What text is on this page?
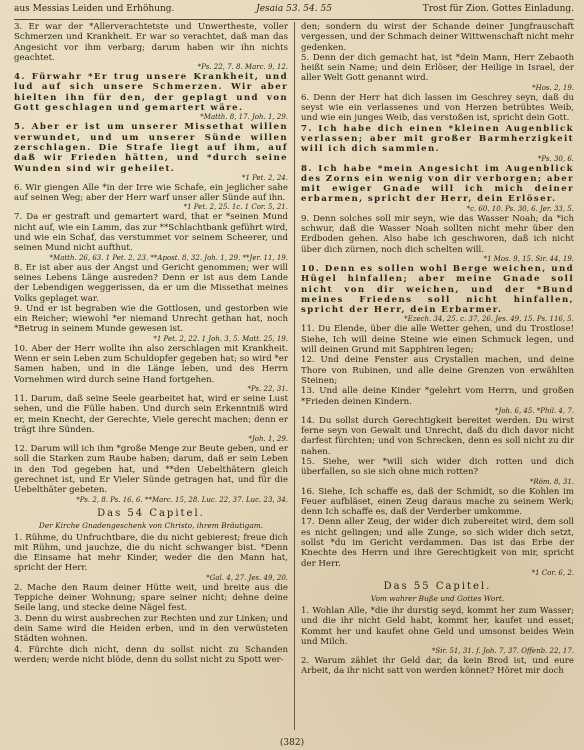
aus Messias Leiden und Erhöhung.	Jesaia 53. 54. 55	Trost für Zion. Gottes Einladung.

3. Er war der *Allerverachtetste und Unwertheste, voller Schmerzen und Krankheit. Er war so verachtet, daß man das Angesicht vor ihm verbarg; darum haben wir ihn nichts geachtet.

*Ps. 22, 7. 8. Marc. 9, 12.

4. Fürwahr *Er trug unsere Krankheit, und lud auf sich unsere Schmerzen. Wir aber hielten ihn für den, der geplagt und von Gott geschlagen und gemartert wäre.

*Matth. 8, 17. Joh. 1, 29.

5. Aber er ist um unserer Missethat willen verwundet, und um unserer Sünde willen zerschlagen. Die Strafe liegt auf ihm, auf daß wir Frieden hätten, und *durch seine Wunden sind wir geheilet.

*1 Pet. 2, 24.

6. Wir giengen Alle *in der Irre wie Schafe, ein jeglicher sahe auf seinen Weg; aber der Herr warf unser aller Sünde auf ihn.

*1 Pet. 2, 25. 1c. 1 Cor. 5, 21.

7. Da er gestraft und gemartert ward, that er *seinen Mund nicht auf, wie ein Lamm, das zur **Schlachtbank geführt wird, und wie ein Schaf, das verstummet vor seinem Scheerer, und seinen Mund nicht aufthut.

*Matth. 26, 63. 1 Pet. 2, 23. **Apost. 8, 32. Joh. 1, 29. **Jer. 11, 19.

8. Er ist aber aus der Angst und Gericht genommen; wer will seines Lebens Länge ausreden? Denn er ist aus dem Lande der Lebendigen weggerissen, da er um die Missethat meines Volks geplaget war.

9. Und er ist begraben wie die Gottlosen, und gestorben wie ein Reicher; wiewohl *er niemand Unrecht gethan hat, noch *Betrug in seinem Munde gewesen ist.

*1 Pet. 2, 22. 1 Joh. 3, 5. Matt. 25, 19.

10. Aber der Herr wollte ihn also zerschlagen mit Krankheit. Wenn er sein Leben zum Schuldopfer gegeben hat; so wird *er Samen haben, und in die Länge leben, und des Herrn Vornehmen wird durch seine Hand fortgehen.

*Ps. 22, 31.

11. Darum, daß seine Seele gearbeitet hat, wird er seine Lust sehen, und die Fülle haben. Und durch sein Erkenntniß wird er, mein Knecht, der Gerechte, Viele gerecht machen; denn er trägt ihre Sünden.

*Joh. 1, 29.

12. Darum will ich ihm *große Menge zur Beute geben, und er soll die Starken zum Raube haben; darum, daß er sein Leben in den Tod gegeben hat, und **den Uebelthätern gleich gerechnet ist, und Er Vieler Sünde getragen hat, und für die Uebelthäter gebeten.

*Ps. 2, 8. Ps. 16, 6. **Marc. 15, 28. Luc. 22, 37. Luc. 23, 34.

Das 54 Capitel.

Der Kirche Gnadengeschenk von Christo, ihrem Bräutigam.

1. Rühme, du Unfruchtbare, die du nicht gebierest; freue dich mit Rühm, und jauchze, die du nicht schwanger bist. *Denn die Einsame hat mehr Kinder, weder die den Mann hat, spricht der Herr.

*Gal. 4, 27. Jes. 49, 20.

2. Mache den Raum deiner Hütte weit, und breite aus die Teppiche deiner Wohnung; spare seiner nicht; dehne deine Seile lang, und stecke deine Nägel fest.

3. Denn du wirst ausbrechen zur Rechten und zur Linken; und dein Same wird die Heiden erben, und in den verwüsteten Städten wohnen.

4. Fürchte dich nicht, denn du sollst nicht zu Schanden werden; werde nicht blöde, denn du sollst nicht zu Spott wer-

den; sondern du wirst der Schande deiner Jungfrauschaft vergessen, und der Schmach deiner Wittwenschaft nicht mehr gedenken.

5. Denn der dich gemacht hat, ist *dein Mann, Herr Zebaoth heißt sein Name; und dein Erlöser, der Heilige in Israel, der aller Welt Gott genannt wird.

*Hos. 2, 19.

6. Denn der Herr hat dich lassen im Geschrey seyn, daß du seyst wie ein verlassenes und von Herzen betrübtes Weib, und wie ein junges Weib, das verstoßen ist, spricht dein Gott.

7. Ich habe dich einen *kleinen Augenblick verlassen; aber mit großer Barmherzigkeit will ich dich sammlen.

*Ps. 30, 6.

8. Ich habe *mein Angesicht im Augenblick des Zorns ein wenig von dir verborgen; aber mit ewiger Gnade will ich mich deiner erbarmen, spricht der Herr, dein Erlöser.

*c. 60, 10. Ps. 30, 6. Jer. 33, 5.

9. Denn solches soll mir seyn, wie das Wasser Noah; da *ich schwur, daß die Wasser Noah sollten nicht mehr über den Erdboden gehen. Also habe ich geschworen, daß ich nicht über dich zürnen, noch dich schelten will.

*1 Mos. 9, 15. Sir. 44, 19.

10. Denn es sollen wohl Berge weichen, und Hügel hinfallen; aber meine Gnade soll nicht von dir weichen, und der *Bund meines Friedens soll nicht hinfallen, spricht der Herr, dein Erbarmer.

*Ezech. 34, 25. c. 37, 26. Jes. 49, 15. Ps. 116, 5.

11. Du Elende, über die alle Wetter gehen, und du Trostlose! Siehe, Ich will deine Steine wie einen Schmuck legen, und will deinen Grund mit Sapphiren legen;

12. Und deine Fenster aus Crystallen machen, und deine Thore von Rubinen, und alle deine Grenzen von erwählten Steinen;

13. Und alle deine Kinder *gelehrt vom Herrn, und großen *Frieden deinen Kindern.

*Joh. 6, 45. *Phil. 4, 7.

14. Du sollst durch Gerechtigkeit bereitet werden. Du wirst ferne seyn von Gewalt und Unrecht, daß du dich davor nicht darfest fürchten; und von Schrecken, denn es soll nicht zu dir nahen.

15. Siehe, wer *will sich wider dich rotten und dich überfallen, so sie sich ohne mich rotten?

*Röm. 8, 31.

16. Siehe, Ich schaffe es, daß der Schmidt, so die Kohlen im Feuer aufbläset, einen Zeug daraus mache zu seinem Werk; denn Ich schaffe es, daß der Verderber umkomme.

17. Denn aller Zeug, der wider dich zubereitet wird, dem soll es nicht gelingen; und alle Zunge, so sich wider dich setzt, sollst *du im Gericht verdammen. Das ist das Erbe der Knechte des Herrn und ihre Gerechtigkeit von mir, spricht der Herr.

*1 Cor. 6, 2.

Das 55 Capitel.

Vom wahrer Buße und Gottes Wort.

1. Wohlan Alle, *die ihr durstig seyd, kommt her zum Wasser; und die ihr nicht Geld habt, kommt her, kaufet und esset; Kommt her und kaufet ohne Geld und umsonst beides Wein und Milch.

*Sir. 51, 31. f. Joh. 7, 37. Offenb. 22, 17.

2. Warum zählet ihr Geld dar, da kein Brod ist, und eure Arbeit, da ihr nicht satt von werden könnet? Höret mir doch

(382)
